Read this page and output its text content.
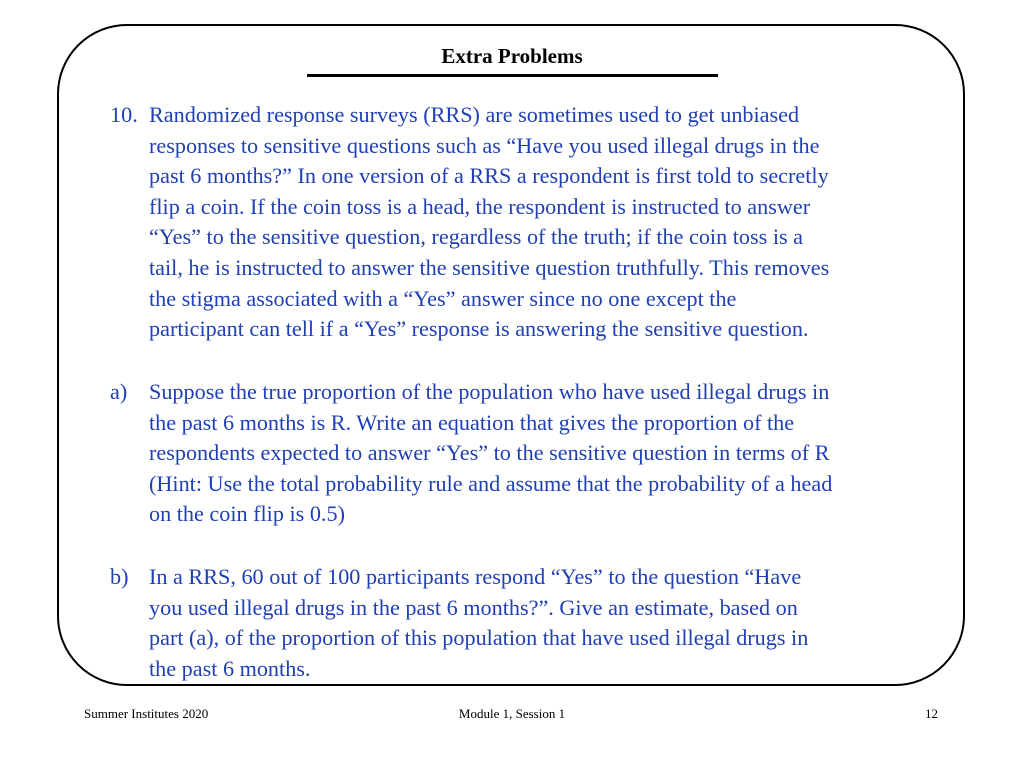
Extra Problems
10. Randomized response surveys (RRS) are sometimes used to get unbiased
responses to sensitive questions such as “Have you used illegal drugs in the
past 6 months?” In one version of a RRS a respondent is first told to secretly
flip a coin. If the coin toss is a head, the respondent is instructed to answer
“Yes” to the sensitive question, regardless of the truth; if the coin toss is a
tail, he is instructed to answer the sensitive question truthfully. This removes
the stigma associated with a “Yes” answer since no one except the
participant can tell if a “Yes” response is answering the sensitive question.
a) Suppose the true proportion of the population who have used illegal drugs in
the past 6 months is R. Write an equation that gives the proportion of the
respondents expected to answer “Yes” to the sensitive question in terms of R
(Hint: Use the total probability rule and assume that the probability of a head
on the coin flip is 0.5)
b) In a RRS, 60 out of 100 participants respond “Yes” to the question “Have
you used illegal drugs in the past 6 months?”. Give an estimate, based on
part (a), of the proportion of this population that have used illegal drugs in
the past 6 months.
Summer Institutes 2020	Module 1, Session 1	12
